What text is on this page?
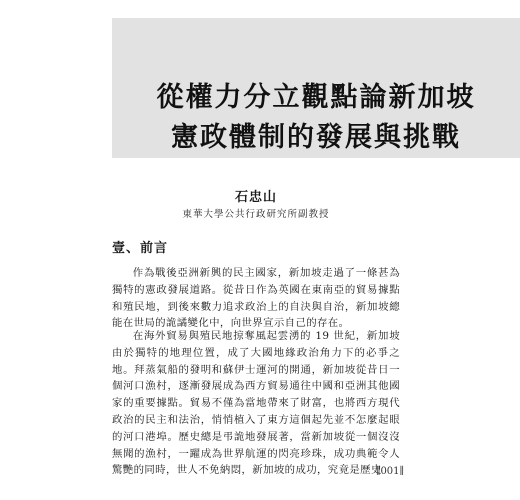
從權力分立觀點論新加坡
憲政體制的發展與挑戰
石忠山
東華大學公共行政研究所副教授
壹、前言

作為戰後亞洲新興的民主國家，新加坡走過了一條甚為獨特的憲政發展道路。從昔日作為英國在東南亞的貿易據點和殖民地，到後來數力追求政治上的自決與自治，新加坡總能在世局的詭譎變化中，向世界宣示自己的存在。

在海外貿易與殖民地掠奪風起雲湧的 19 世紀，新加坡由於獨特的地理位置，成了大國地緣政治角力下的必爭之地。拜蒸氣船的發明和蘇伊士運河的開通，新加坡從昔日一個河口漁村，逐漸發展成為西方貿易通往中國和亞洲其他國家的重要據點。貿易不僅為當地帶來了財富，也將西方現代政治的民主和法治，悄悄植入了東方這個起先並不怎麼起眼的河口港埠。歷史總是弔詭地發展著，當新加坡從一個沒沒無聞的漁村，一躍成為世界航運的閃亮珍珠，成功典範令人驚艷的同時，世人不免納悶，新加坡的成功，究竟是歷史

∥001∥
